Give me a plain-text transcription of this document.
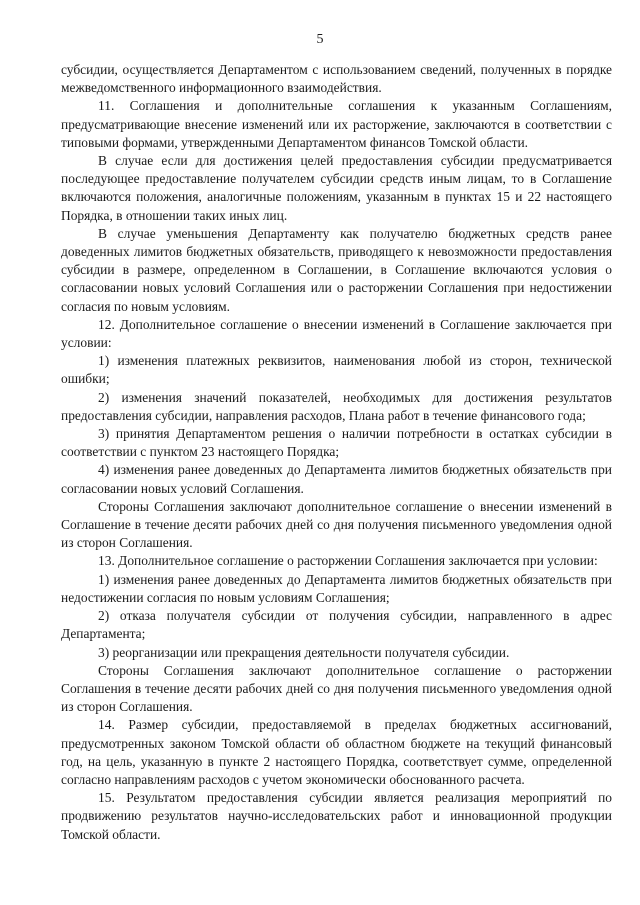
5

субсидии, осуществляется Департаментом с использованием сведений, полученных в порядке межведомственного информационного взаимодействия.

11. Соглашения и дополнительные соглашения к указанным Соглашениям, предусматривающие внесение изменений или их расторжение, заключаются в соответствии с типовыми формами, утвержденными Департаментом финансов Томской области.

В случае если для достижения целей предоставления субсидии предусматривается последующее предоставление получателем субсидии средств иным лицам, то в Соглашение включаются положения, аналогичные положениям, указанным в пунктах 15 и 22 настоящего Порядка, в отношении таких иных лиц.

В случае уменьшения Департаменту как получателю бюджетных средств ранее доведенных лимитов бюджетных обязательств, приводящего к невозможности предоставления субсидии в размере, определенном в Соглашении, в Соглашение включаются условия о согласовании новых условий Соглашения или о расторжении Соглашения при недостижении согласия по новым условиям.

12. Дополнительное соглашение о внесении изменений в Соглашение заключается при условии:

1) изменения платежных реквизитов, наименования любой из сторон, технической ошибки;

2) изменения значений показателей, необходимых для достижения результатов предоставления субсидии, направления расходов, Плана работ в течение финансового года;

3) принятия Департаментом решения о наличии потребности в остатках субсидии в соответствии с пунктом 23 настоящего Порядка;

4) изменения ранее доведенных до Департамента лимитов бюджетных обязательств при согласовании новых условий Соглашения.

Стороны Соглашения заключают дополнительное соглашение о внесении изменений в Соглашение в течение десяти рабочих дней со дня получения письменного уведомления одной из сторон Соглашения.

13. Дополнительное соглашение о расторжении Соглашения заключается при условии:

1) изменения ранее доведенных до Департамента лимитов бюджетных обязательств при недостижении согласия по новым условиям Соглашения;

2) отказа получателя субсидии от получения субсидии, направленного в адрес Департамента;

3) реорганизации или прекращения деятельности получателя субсидии.

Стороны Соглашения заключают дополнительное соглашение о расторжении Соглашения в течение десяти рабочих дней со дня получения письменного уведомления одной из сторон Соглашения.

14. Размер субсидии, предоставляемой в пределах бюджетных ассигнований, предусмотренных законом Томской области об областном бюджете на текущий финансовый год, на цель, указанную в пункте 2 настоящего Порядка, соответствует сумме, определенной согласно направлениям расходов с учетом экономически обоснованного расчета.

15. Результатом предоставления субсидии является реализация мероприятий по продвижению результатов научно-исследовательских работ и инновационной продукции Томской области.
